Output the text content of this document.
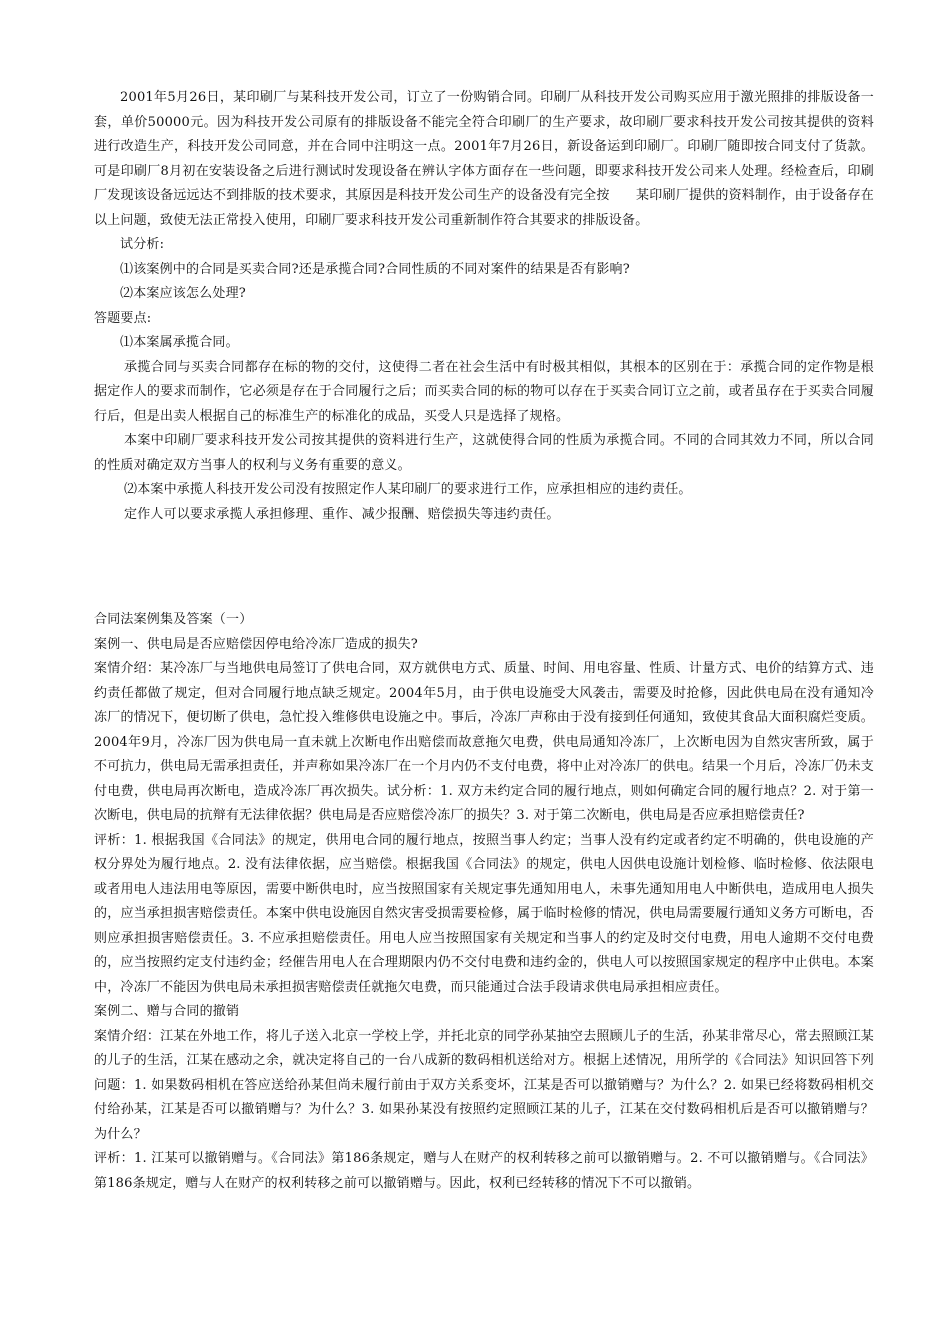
2001年5月26日，某印刷厂与某科技开发公司，订立了一份购销合同。印刷厂从科技开发公司购买应用于激光照排的排版设备一套，单价50000元。因为科技开发公司原有的排版设备不能完全符合印刷厂的生产要求，故印刷厂要求科技开发公司按其提供的资料进行改造生产，科技开发公司同意，并在合同中注明这一点。2001年7月26日，新设备运到印刷厂。印刷厂随即按合同支付了货款。可是印刷厂8月初在安装设备之后进行测试时发现设备在辨认字体方面存在一些问题，即要求科技开发公司来人处理。经检查后，印刷厂发现该设备远远达不到排版的技术要求，其原因是科技开发公司生产的设备没有完全按　　某印刷厂提供的资料制作，由于设备存在以上问题，致使无法正常投入使用，印刷厂要求科技开发公司重新制作符合其要求的排版设备。

试分析:

⑴该案例中的合同是买卖合同?还是承揽合同?合同性质的不同对案件的结果是否有影响?

⑵本案应该怎么处理?

答题要点:

⑴本案属承揽合同。

承揽合同与买卖合同都存在标的物的交付，这使得二者在社会生活中有时极其相似，其根本的区别在于：承揽合同的定作物是根据定作人的要求而制作，它必须是存在于合同履行之后；而买卖合同的标的物可以存在于买卖合同订立之前，或者虽存在于买卖合同履行后，但是出卖人根据自己的标准生产的标准化的成品，买受人只是选择了规格。

本案中印刷厂要求科技开发公司按其提供的资料进行生产，这就使得合同的性质为承揽合同。不同的合同其效力不同，所以合同的性质对确定双方当事人的权利与义务有重要的意义。

⑵本案中承揽人科技开发公司没有按照定作人某印刷厂的要求进行工作，应承担相应的违约责任。

定作人可以要求承揽人承担修理、重作、减少报酬、赔偿损失等违约责任。

合同法案例集及答案（一）

案例一、供电局是否应赔偿因停电给冷冻厂造成的损失?

案情介绍：某冷冻厂与当地供电局签订了供电合同，双方就供电方式、质量、时间、用电容量、性质、计量方式、电价的结算方式、违约责任都做了规定，但对合同履行地点缺乏规定。2004年5月，由于供电设施受大风袭击，需要及时抢修，因此供电局在没有通知冷冻厂的情况下，便切断了供电，急忙投入维修供电设施之中。事后，冷冻厂声称由于没有接到任何通知，致使其食品大面积腐烂变质。2004年9月，冷冻厂因为供电局一直未就上次断电作出赔偿而故意拖欠电费，供电局通知冷冻厂，上次断电因为自然灾害所致，属于不可抗力，供电局无需承担责任，并声称如果冷冻厂在一个月内仍不支付电费，将中止对冷冻厂的供电。结果一个月后，冷冻厂仍未支付电费，供电局再次断电，造成冷冻厂再次损失。试分析：1. 双方未约定合同的履行地点，则如何确定合同的履行地点？2. 对于第一次断电，供电局的抗辩有无法律依据？供电局是否应赔偿冷冻厂的损失？3. 对于第二次断电，供电局是否应承担赔偿责任?

评析：1. 根据我国《合同法》的规定，供用电合同的履行地点，按照当事人约定；当事人没有约定或者约定不明确的，供电设施的产权分界处为履行地点。2. 没有法律依据，应当赔偿。根据我国《合同法》的规定，供电人因供电设施计划检修、临时检修、依法限电或者用电人违法用电等原因，需要中断供电时，应当按照国家有关规定事先通知用电人，未事先通知用电人中断供电，造成用电人损失的，应当承担损害赔偿责任。本案中供电设施因自然灾害受损需要检修，属于临时检修的情况，供电局需要履行通知义务方可断电，否则应承担损害赔偿责任。3. 不应承担赔偿责任。用电人应当按照国家有关规定和当事人的约定及时交付电费，用电人逾期不交付电费的，应当按照约定支付违约金；经催告用电人在合理期限内仍不交付电费和违约金的，供电人可以按照国家规定的程序中止供电。本案中，冷冻厂不能因为供电局未承担损害赔偿责任就拖欠电费，而只能通过合法手段请求供电局承担相应责任。

案例二、赠与合同的撤销

案情介绍：江某在外地工作，将儿子送入北京一学校上学，并托北京的同学孙某抽空去照顾儿子的生活，孙某非常尽心，常去照顾江某的儿子的生活，江某在感动之余，就决定将自己的一台八成新的数码相机送给对方。根据上述情况，用所学的《合同法》知识回答下列问题：1. 如果数码相机在答应送给孙某但尚未履行前由于双方关系变坏，江某是否可以撤销赠与？为什么？2. 如果已经将数码相机交付给孙某，江某是否可以撤销赠与？为什么？3. 如果孙某没有按照约定照顾江某的儿子，江某在交付数码相机后是否可以撤销赠与？为什么？

评析：1. 江某可以撤销赠与。《合同法》第186条规定，赠与人在财产的权利转移之前可以撤销赠与。2. 不可以撤销赠与。《合同法》第186条规定，赠与人在财产的权利转移之前可以撤销赠与。因此，权利已经转移的情况下不可以撤销。
